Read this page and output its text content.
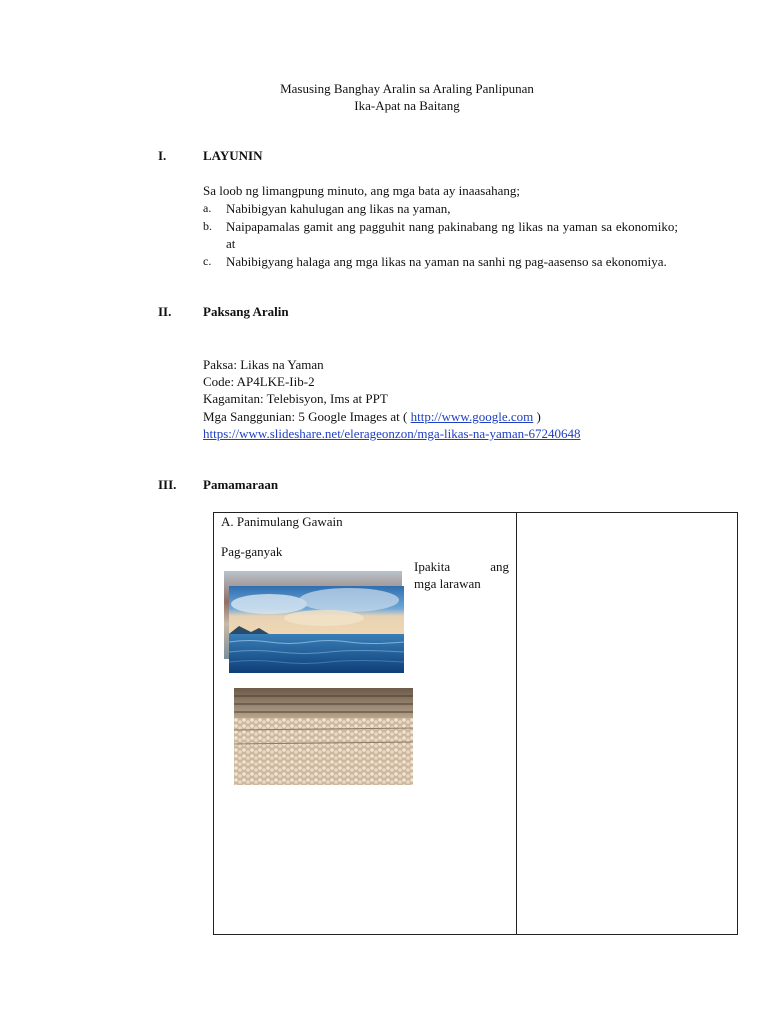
Masusing Banghay Aralin sa Araling Panlipunan
Ika-Apat na Baitang
I.	LAYUNIN
Sa loob ng limangpung minuto, ang mga bata ay inaasahang;
a. Nabibigyan kahulugan ang likas na yaman,
b. Naipapamalas gamit ang pagguhit nang pakinabang ng likas na yaman sa ekonomiko; at
c. Nabibigyang halaga ang mga likas na yaman na sanhi ng pag-aasenso sa ekonomiya.
II. Paksang Aralin
Paksa: Likas na Yaman
Code: AP4LKE-Iib-2
Kagamitan: Telebisyon, Ims at PPT
Mga Sanggunian: 5 Google Images at ( http://www.google.com )
https://www.slideshare.net/elerageonzon/mga-likas-na-yaman-67240648
III. Pamamaraan
A. Panimulang Gawain
Pag-ganyak
Ipakita ang
mga larawan
